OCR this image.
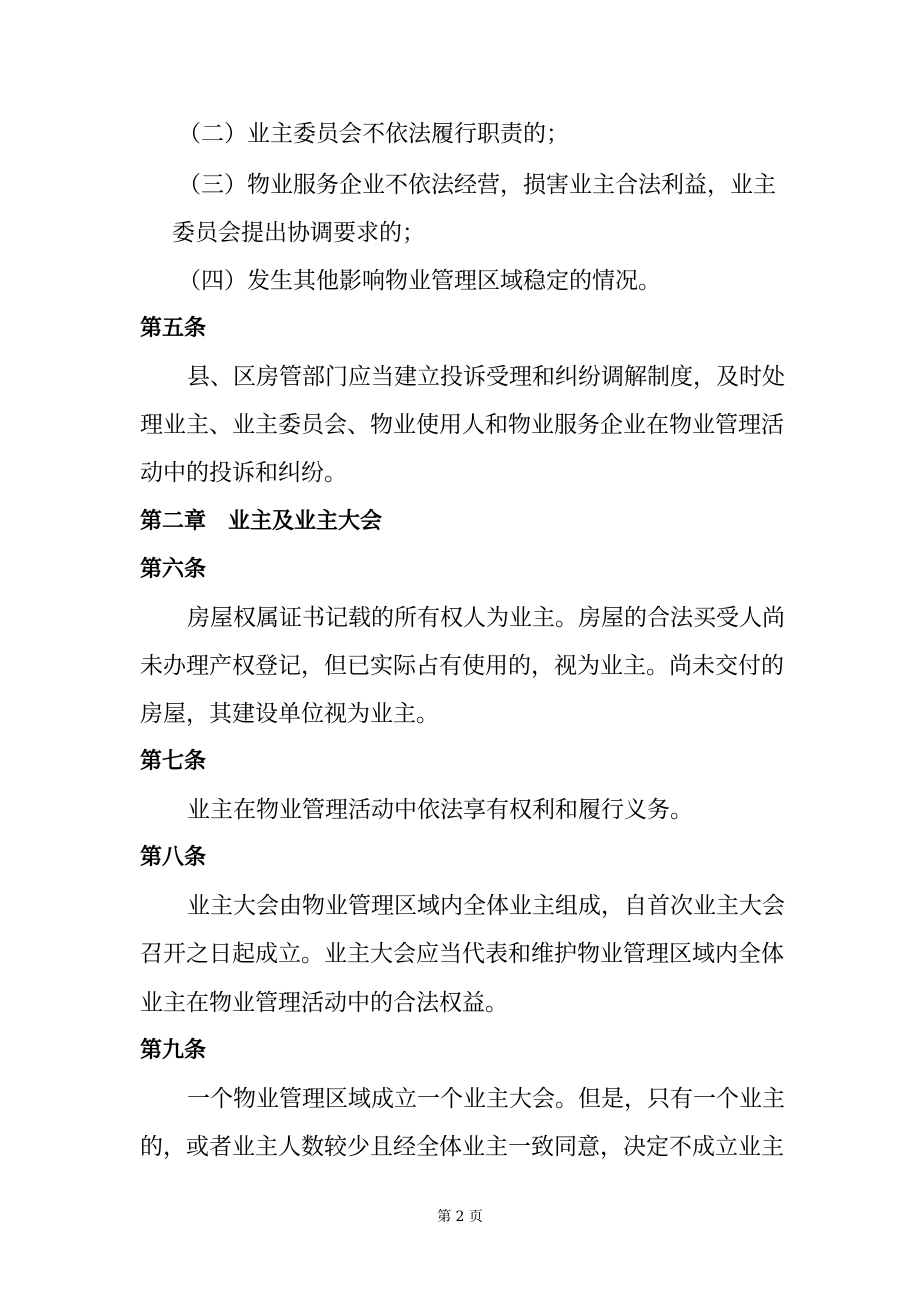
（二）业主委员会不依法履行职责的；
（三）物业服务企业不依法经营，损害业主合法利益，业主
委员会提出协调要求的；
（四）发生其他影响物业管理区域稳定的情况。
第五条
县、区房管部门应当建立投诉受理和纠纷调解制度，及时处
理业主、业主委员会、物业使用人和物业服务企业在物业管理活
动中的投诉和纠纷。
第二章　业主及业主大会
第六条
房屋权属证书记载的所有权人为业主。房屋的合法买受人尚
未办理产权登记，但已实际占有使用的，视为业主。尚未交付的
房屋，其建设单位视为业主。
第七条
业主在物业管理活动中依法享有权利和履行义务。
第八条
业主大会由物业管理区域内全体业主组成，自首次业主大会
召开之日起成立。业主大会应当代表和维护物业管理区域内全体
业主在物业管理活动中的合法权益。
第九条
一个物业管理区域成立一个业主大会。但是，只有一个业主
的，或者业主人数较少且经全体业主一致同意，决定不成立业主
第 2 页
